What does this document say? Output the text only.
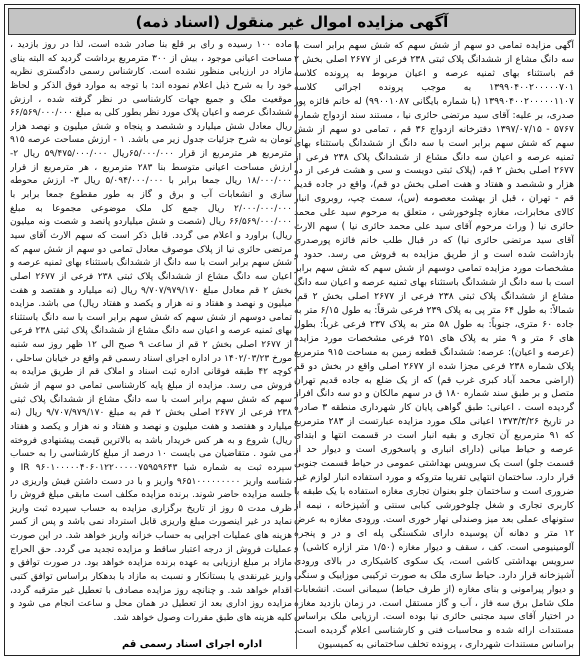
آگهی مزایده اموال غیر منقول (اسناد ذمه)

آگهی مزایده تمامی دو سهم از شش سهم که شش سهم برابر است با سه دانگ مشاع از ششدانگ پلاک ثبتی ۲۳۸ فرعی از ۲۶۷۷ اصلی بخش ۲ قم باستثناء بهای ثمنیه عرصه و اعیان مربوط به پرونده کلاسه ۱۳۹۹۰۴۰۰۲۰۰۰۰۰۷۰۱ به موجب پرونده اجرائی کلاسه ۱۳۹۹۰۴۰۰۲۰۰۰۰۰۱۱۰۷ (با شماره بایگانی ۹۹۰۰۱۰۸۷) له خانم فائزه پور صدری، بر علیه: آقای سید مرتضی حائری نیا ، مستند سند ازدواج شماره ۵۷۶۷ - ۱۳۹۷/۰۷/۱۵ دفترخانه ازدواج ۳۶ قم ، تمامی دو سهم از شش سهم که شش سهم برابر است با سه دانگ از ششدانگ باستثناء بهای ثمنیه عرصه و اعیان سه دانگ مشاع از ششدانگ پلاک ۲۳۸ فرعی از ۲۶۷۷ اصلی بخش ۲ قم، (پلاک ثبتی دویست و سی و هشت فرعی از دو هزار و ششصد و هفتاد و هفت اصلی بخش دو قم)، واقع در جاده قدیم قم - تهران ، قبل از بهشت معصومه (س)، سمت چپ، روبروی انبار کالای مخابرات، مغازه چلوخورشی ، متعلق به مرحوم سید علی محمد حائری نیا ( وراث مرحوم آقای سید علی محمد حائری نیا ) سهم الارث آقای سید مرتضی حائری نیا) که در قبال طلب خانم فائزه پورصدری بازداشت شده است و از طریق مزایده به فروش می رسد. حدود و مشخصات مورد مزایده تمامی دوسهم از شش سهم که شش سهم برابر است با سه دانگ از ششدانگ باستثناء بهای ثمنیه عرصه و اعیان سه دانگ مشاع از ششدانگ پلاک ثبتی ۲۳۸ فرعی از ۲۶۷۷ اصلی بخش ۲ قم، شمالاً: به طول ۶۴ متر پی به پلاک ۲۳۹ فرعی شرقاً: به طول ۶/۱۵ متر به جاده ۶۰ متری، جنوباً: به طول ۵۸ متر به پلاک ۲۳۷ فرعی غرباً: بطول های ۶ متر و ۹ متر به پلاک های ۲۵۱ فرعی مشخصات مورد مزایده (عرصه و اعیان): عرصه: ششدانگ قطعه زمین به مساحت ۹۱۵ مترمربع پلاک شماره ۲۳۸ فرعی مجزا شده از ۲۶۷۷ اصلی واقع در بخش دو قم (اراضی محمد آباد کبری غرب قم) که از یک ضلع به جاده قدیم تهران متصل و بر طبق سند شماره ۱۸۰ ق در سهم مالکان و دو سه دانگ افراز گردیده است . اعیانی: طبق گواهی پایان کار شهرداری منطقه ۳ صادره در تاریخ ۱۳۷۳/۳/۲۶ اعیانی ملک مورد مزایده عبارتست از ۲۸۳ مترمربع که ۹۱ مترمربع آن تجاری و بقیه انبار است در قسمت انتها و ابتدای عرصه و حیاط میانی (دارای انباری و پاسخوری است و دیوار حد از قسمت جلو) است یک سرویس بهداشتی عمومی در حیاط قسمت جنوبی قرار دارد. ساختمان انتهایی تقریبا متروکه و مورد استفاده انبار لوازم غیر ضروری است و ساختمان جلو بعنوان تجاری مغازه استفاده با یک طبقه با کاربری تجاری و شغل چلوخورشی کبابی سنتی و آشپزخانه ، نیمه از ستونهای عملی بعد میز وصندلی نهار خوری است. ورودی مغازه به عرض ۱۲ متر و دهانه آن پوسیده دارای شکستگی پله ای و در و پنجره آلومینیومی است. کف ، سقف و دیوار مغازه (۱/۵۰ متر ازاره کاشی) و سرویس بهداشتی کاشی است، یک سکوی کاشیکاری در بالای ورودی آشپزخانه قرار دارد. حیاط سازی ملک به صورت ترکیبی موزاییک و سنگی و دیوار پیرامونی و بنای مغازه (از طرف حیاط) سیمانی است. انشعابات ملک شامل برق سه فاز ، آب و گاز مستقل است. در زمان بازدید مغازه در اختیار آقای سید مجتبی حائری نیا بوده است. ارزیابی ملک براساس مستندات ارائه شده و محاسبات فنی و کارشناسی اعلام گردیده است. براساس مستندات شهرداری ، پرونده تخلف ساختمانی به کمیسیون

ماده ۱۰۰ رسیده و رای بر قلع بنا صادر شده است، لذا در روز بازدید ، مساحت اعیانی موجود ، بیش از ۳۰۰ مترمربع برداشت گردید که البته بنای مازاد در ارزیابی منظور نشده است. کارشناس رسمی دادگستری نظریه خود را به شرح ذیل اعلام نموده اند: با توجه به موارد فوق الذکر و لحاظ موقعیت ملک و جمیع جهات کارشناسی در نظر گرفته شده ، ارزش ششدانگ عرصه و اعیان پلاک مورد نظر بطور کلی به مبلغ ۶۶/۵۶۹/۰۰۰/۰۰۰ ریال معادل شش میلیارد و ششصد و پنجاه و شش میلیون و نهصد هزار تومان به شرح جزئیات جدول زیر می باشد. ۱ - ارزش مساحت عرصه ۹۱۵ مترمربع هر مترمربع از قرار ۶۵/۰۰۰/۰۰۰ریال ۵۹/۴۷۵/۰۰۰/۰۰۰ ریال ۲- ارزش مساحت اعیانی متوسط بنا ۲۸۳ مترمربع ، هر مترمربع از قرار ۱۸/۰۰۰/۰۰۰ ریال جمعا برابر با ۵/۰۹۴/۰۰۰/۰۰۰ ریال ۳- ارزش محوطه سازی و انشعابات آب و برق و گاز به طور مقطوع جمعا برابر با ۲/۰۰۰/۰۰۰/۰۰۰ ریال جمع کل ملک موضوعی مجموعا به مبلغ ۶۶/۵۶۹/۰۰۰/۰۰۰ ریال (شصت و شش میلیاردو پانصد و شصت ونه میلیون ریال) براورد و اعلام می گردد. قابل ذکر است که سهم الارث آقای سید مرتضی حائری نیا از پلاک موصوف معادل تمامی دو سهم از شش سهم که شش سهم برابر است با سه دانگ از ششدانگ باستثناء بهای ثمنیه عرصه و اعیان سه دانگ مشاع از ششدانگ پلاک ثبتی ۲۳۸ فرعی از ۲۶۷۷ اصلی بخش ۲ قم معادل مبلغ ۹/۷۰۷/۹۷۹/۱۷۰ ریال (نه میلیارد و هفتصد و هفت میلیون و نهصد و هفتاد و نه هزار و یکصد و هفتاد ریال) می باشد. مزایده تمامی دوسهم از شش سهم که شش سهم برابر است با سه دانگ باستثناء بهای ثمنیه عرصه و اعیان سه دانگ مشاع از ششدانگ پلاک ثبتی ۲۳۸ فرعی از ۲۶۷۷ اصلی بخش ۲ قم از ساعت ۹ صبح الی ۱۲ ظهر روز سه شنبه مورخ ۱۴۰۲/۰۳/۲۳ در اداره اجرای اسناد رسمی قم واقع در خیابان ساحلی ، کوچه ۴۲ طبقه فوقانی اداره ثبت اسناد و املاک قم از طریق مزایده به فروش می رسد. مزایده از مبلغ پایه کارشناسی تمامی دو سهم از شش سهم که شش سهم برابر است با سه دانگ مشاع از ششدانگ پلاک ثبتی ۲۳۸ فرعی از ۲۶۷۷ اصلی بخش ۲ قم به مبلغ ۹/۷۰۷/۹۷۹/۱۷۰ ریال (نه میلیارد و هفتصد و هفت میلیون و نهصد و هفتاد و نه هزار و یکصد و هفتاد ریال) شروع و به هر کس خریدار باشد به بالاترین قیمت پیشنهادی فروخته می شود . متقاضیان می بایست ۱۰ درصد از مبلغ کارشناسی را به حساب سپرده ثبت به شماره شبا IR ۹۶۰۱۰۰۰۰۰۴۰۶۰۱۲۲۰۰۰۰۰۷۵۹۵۹۶۴۳ و شناسه واریز ۹۶۵۱۰۰۰۰۰۰۰۰۰ واریز و با در دست داشتن فیش واریزی در جلسه مزایده حاضر شوند. برنده مزایده مکلف است مابقی مبلغ فروش را ظرف مدت ۵ روز از تاریخ برگزاری مزایده به حساب سپرده ثبت واریز نماید در غیر اینصورت مبلغ واریزی قابل استرداد نمی باشد و پس از کسر هزینه های عملیات اجرایی به حساب خزانه واریز خواهد شد. در این صورت عملیات فروش از درجه اعتبار ساقط و مزایده تجدید می گردد. حق الحراج مازاد بر مبلغ ارزیابی به عهده برنده مزایده خواهد بود. در صورت توافق و واریز غیرنقدی یا بستانکار و نسبت به مازاد با بدهکار براساس توافق کتبی اقدام خواهد شد. و چنانچه روز مزایده مصادف با تعطیل غیر مترقبه گردد، مزایده روز اداری بعد از تعطیل در همان محل و ساعت انجام می شود و کلیه هزینه های طبق مقررات وصول خواهد شد.

اداره اجرای اسناد رسمی قم
